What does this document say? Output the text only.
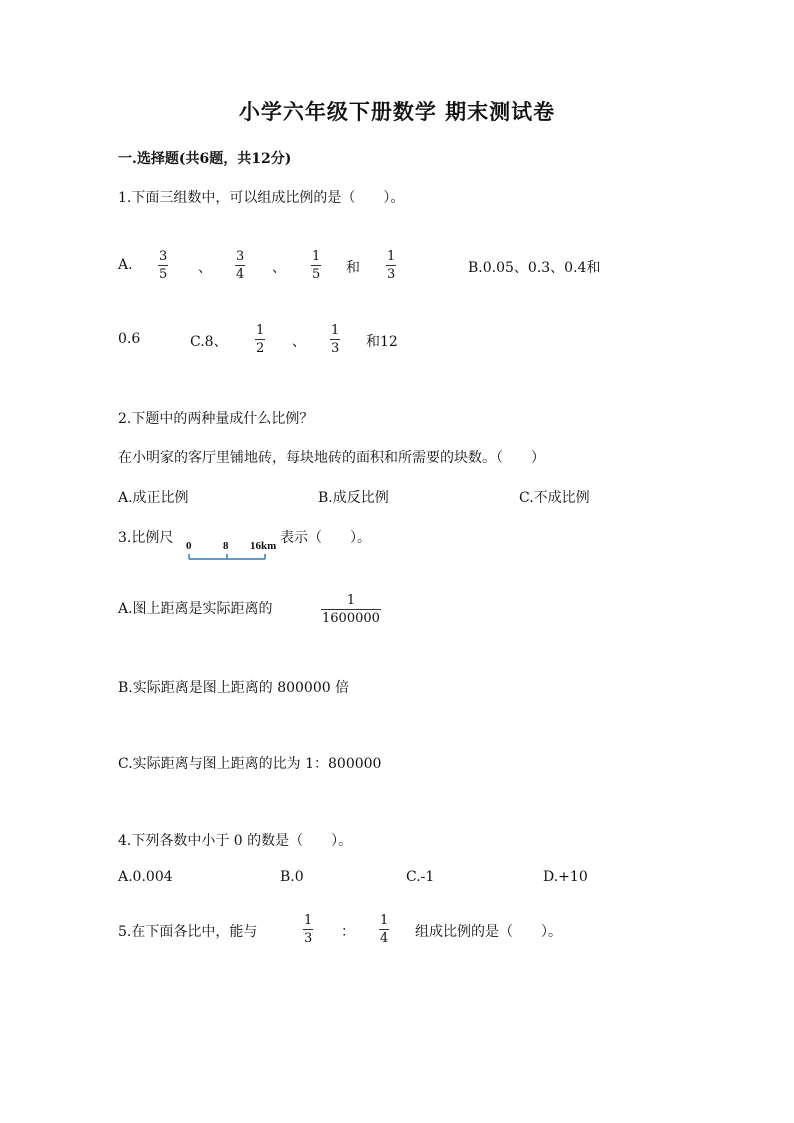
小学六年级下册数学 期末测试卷
一.选择题(共6题，共12分)
1.下面三组数中，可以组成比例的是（　　）。
A.
3
5 、
3
4 、
1
5 和
1
3	B.0.05、0.3、0.4和
0.6	C.8、
1
2 、
1
3 和12
2.下题中的两种量成什么比例？
在小明家的客厅里铺地砖，每块地砖的面积和所需要的块数。（　　）
A.成正比例	B.成反比例	C.不成比例
3.比例尺 0	8 16km 表示（　　）。
A.图上距离是实际距离的
1
1600000
B.实际距离是图上距离的 800000 倍
C.实际距离与图上距离的比为 1：800000
4.下列各数中小于 0 的数是（　　）。
A.0.004	B.0	C.-1	D.+10
5.在下面各比中，能与
1
3 ：
1
4 组成比例的是（　　）。
